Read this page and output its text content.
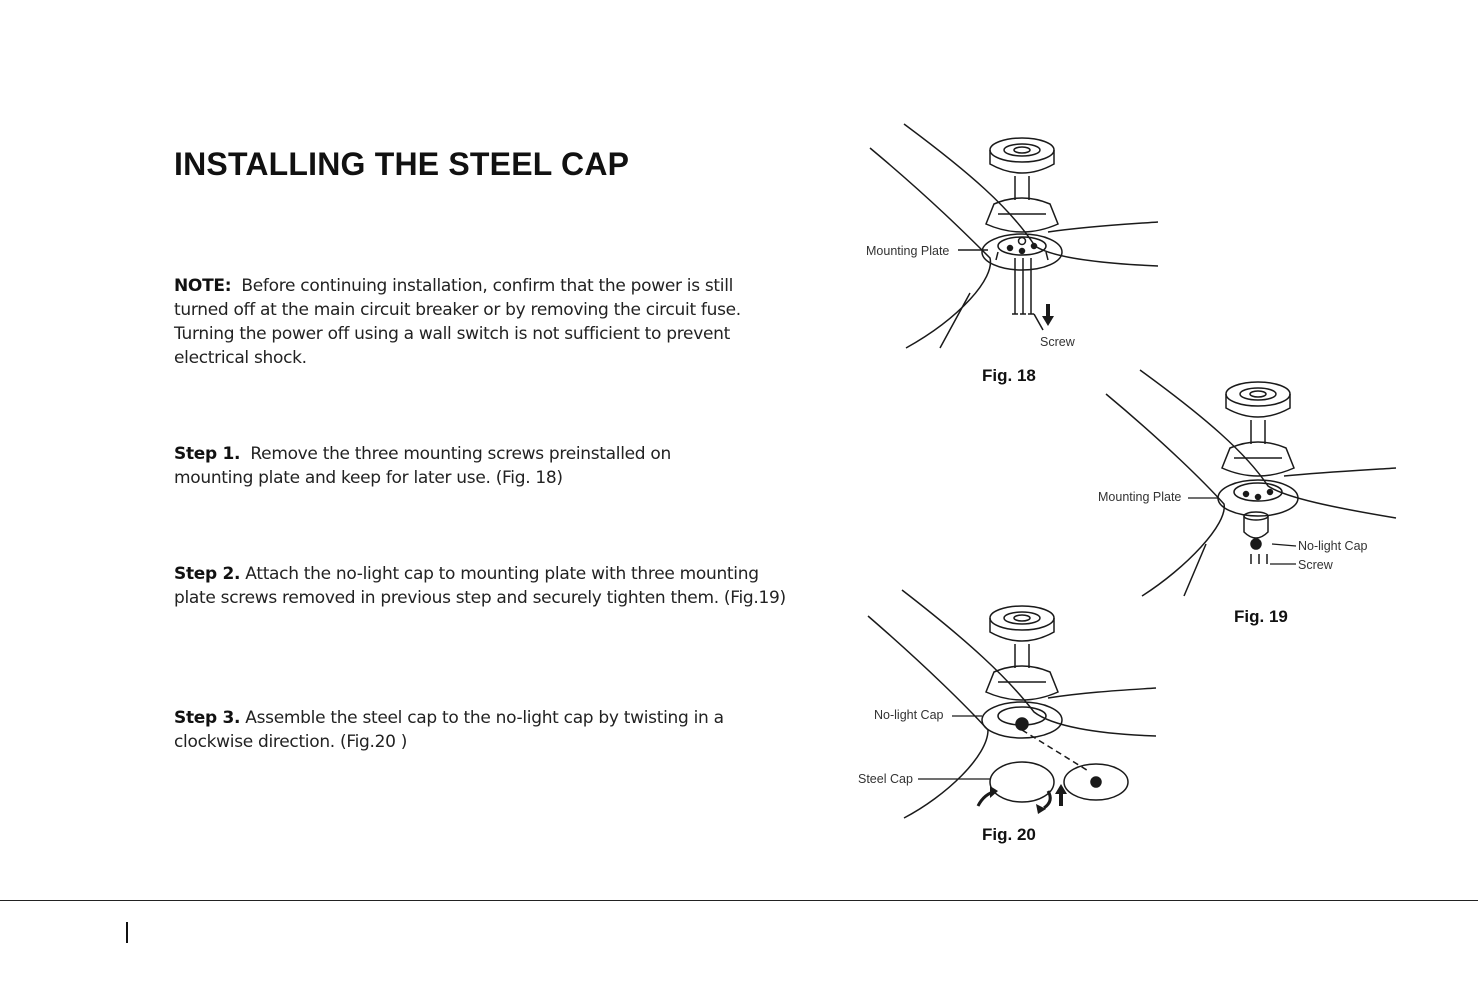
INSTALLING THE STEEL CAP

NOTE: Before continuing installation, confirm that the power is still turned off at the main circuit breaker or by removing the circuit fuse. Turning the power off using a wall switch is not sufficient to prevent electrical shock.

Step 1. Remove the three mounting screws preinstalled on mounting plate and keep for later use. (Fig. 18)

Step 2. Attach the no-light cap to mounting plate with three mounting plate screws removed in previous step and securely tighten them. (Fig.19)

Step 3. Assemble the steel cap to the no-light cap by twisting in a clockwise direction. (Fig.20 )

Mounting Plate
Screw
Fig. 18
Mounting Plate
No-light Cap
Screw
Fig. 19
No-light Cap
Steel Cap
Fig. 20
